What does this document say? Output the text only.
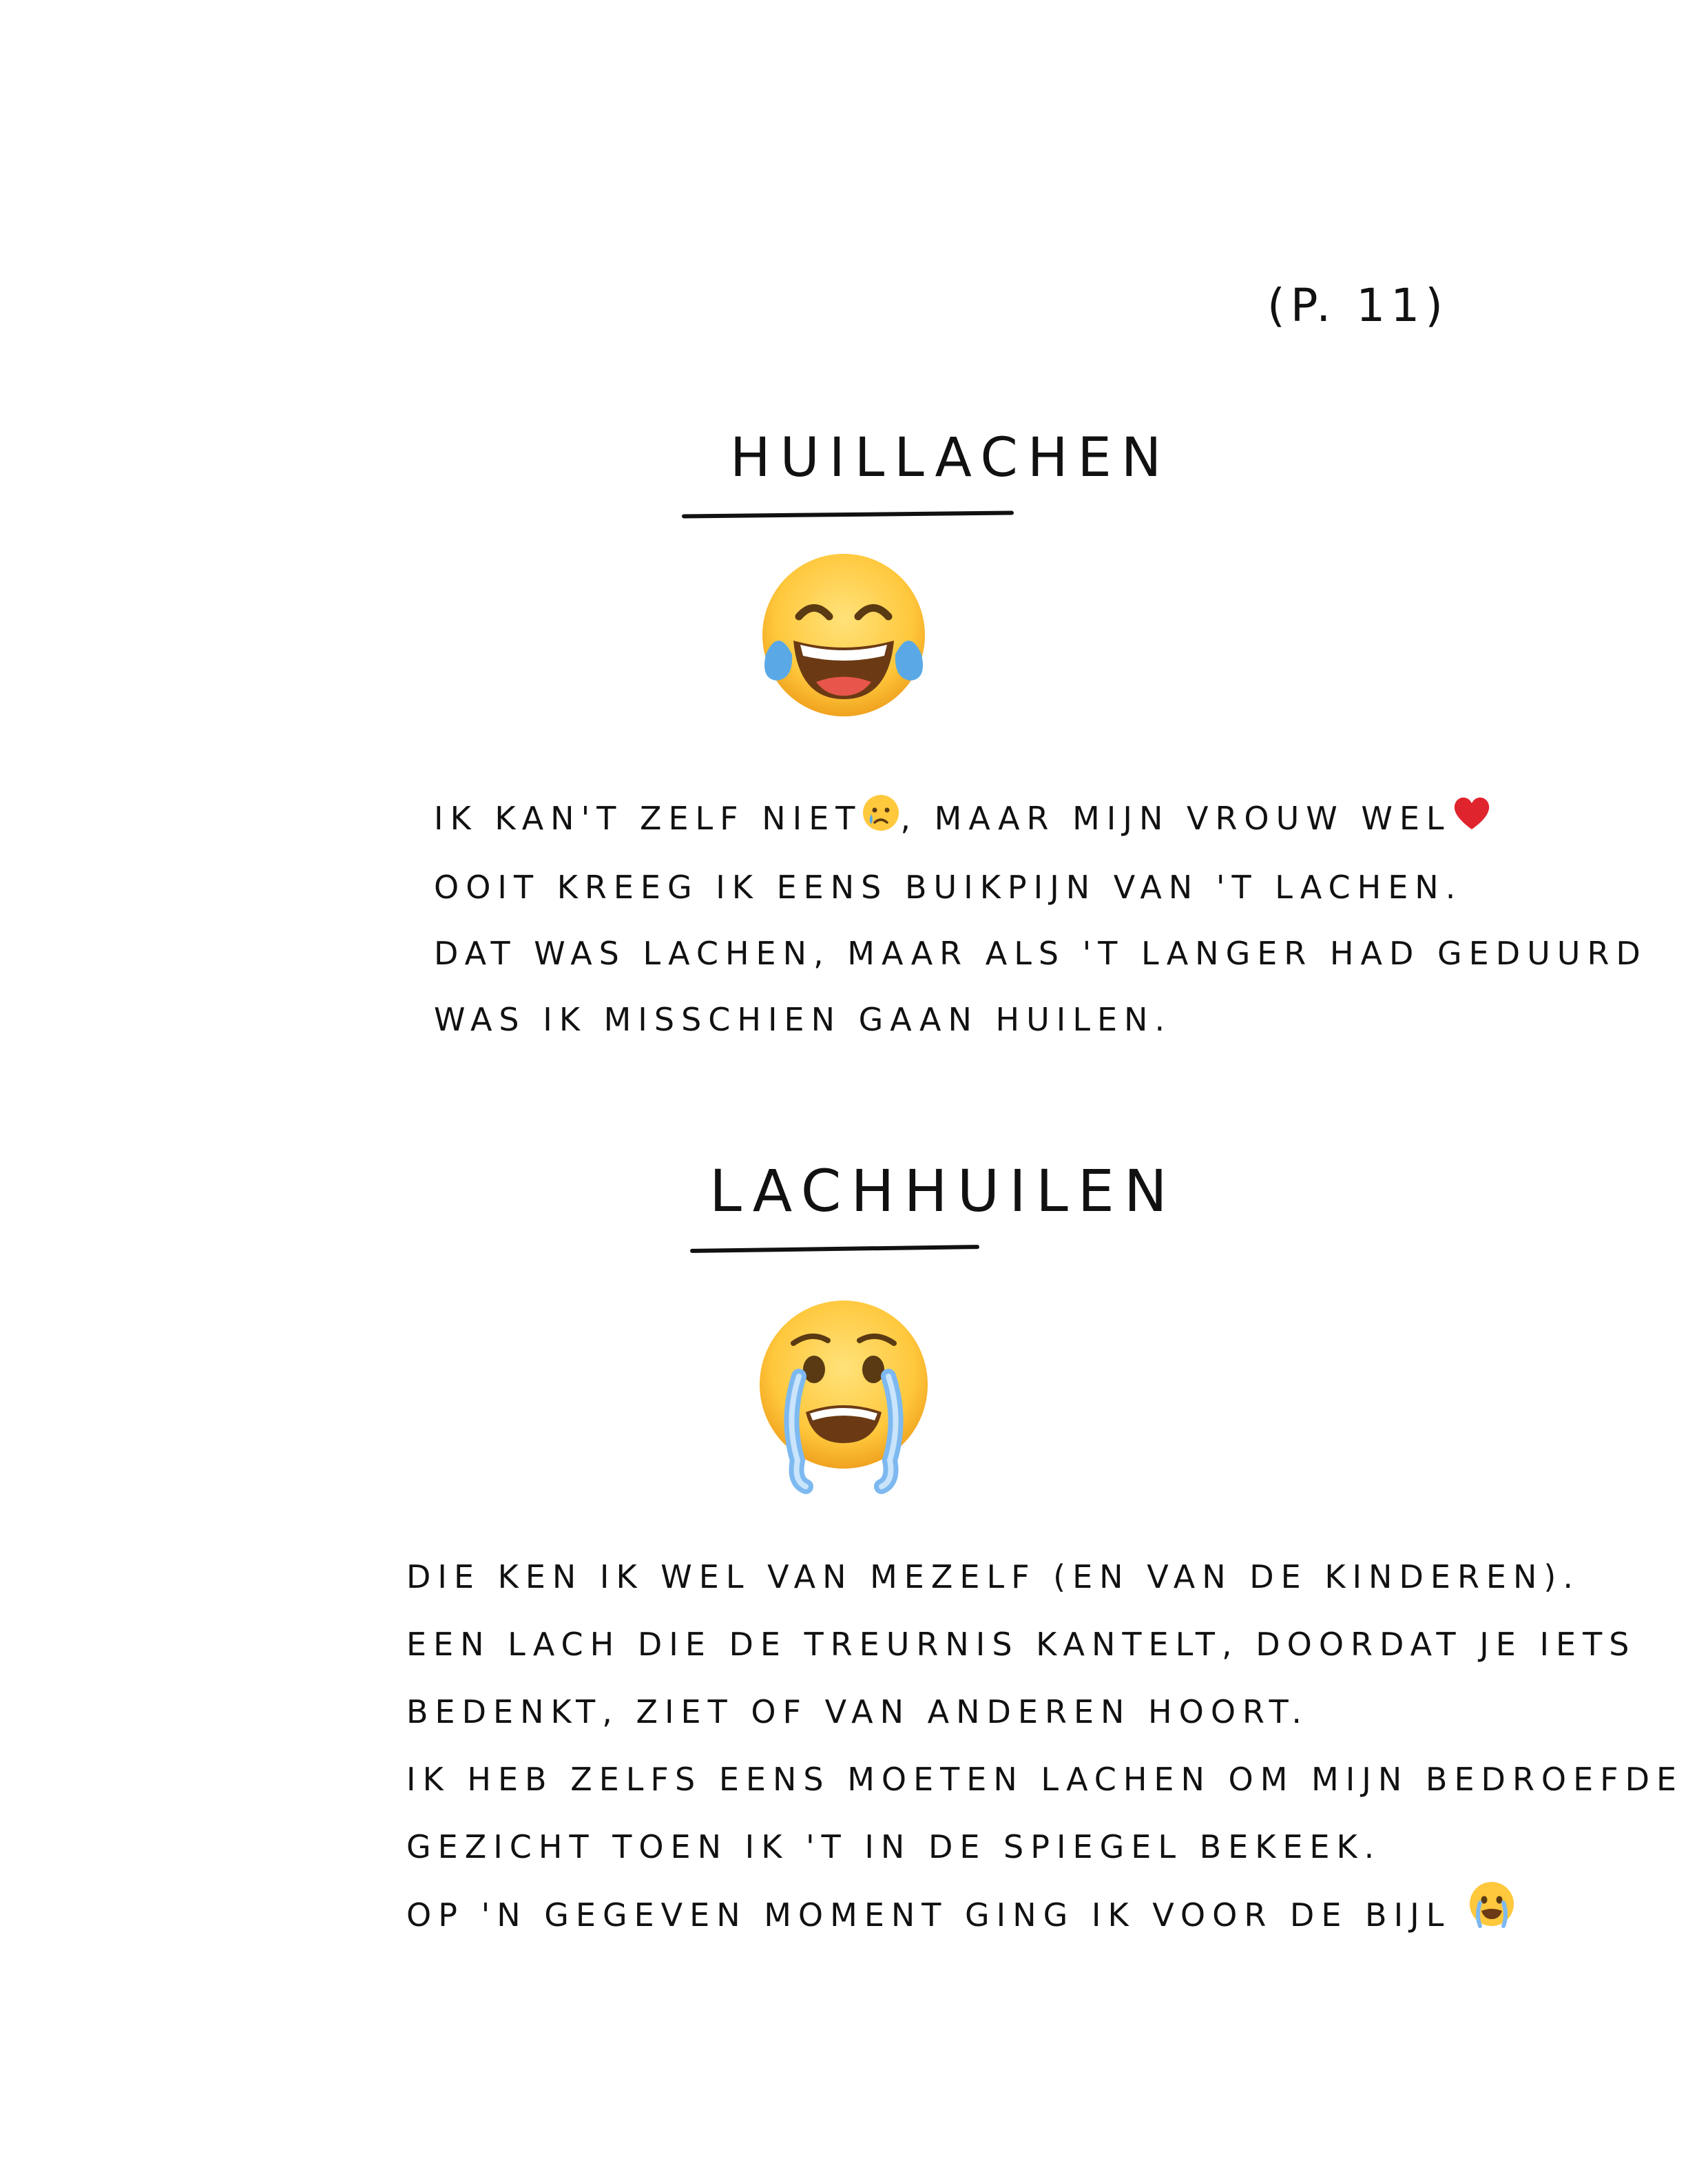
(P. 11)
HUILLACHEN
IK KAN'T ZELF NIET , MAAR MIJN VROUW WEL
OOIT KREEG IK EENS BUIKPIJN VAN 'T LACHEN.
DAT WAS LACHEN, MAAR ALS 'T LANGER HAD GEDUURD
WAS IK MISSCHIEN GAAN HUILEN.
LACHHUILEN
DIE KEN IK WEL VAN MEZELF (EN VAN DE KINDEREN).
EEN LACH DIE DE TREURNIS KANTELT, DOORDAT JE IETS
BEDENKT, ZIET OF VAN ANDEREN HOORT.
IK HEB ZELFS EENS MOETEN LACHEN OM MIJN BEDROEFDE
GEZICHT TOEN IK 'T IN DE SPIEGEL BEKEEK.
OP 'N GEGEVEN MOMENT GING IK VOOR DE BIJL
